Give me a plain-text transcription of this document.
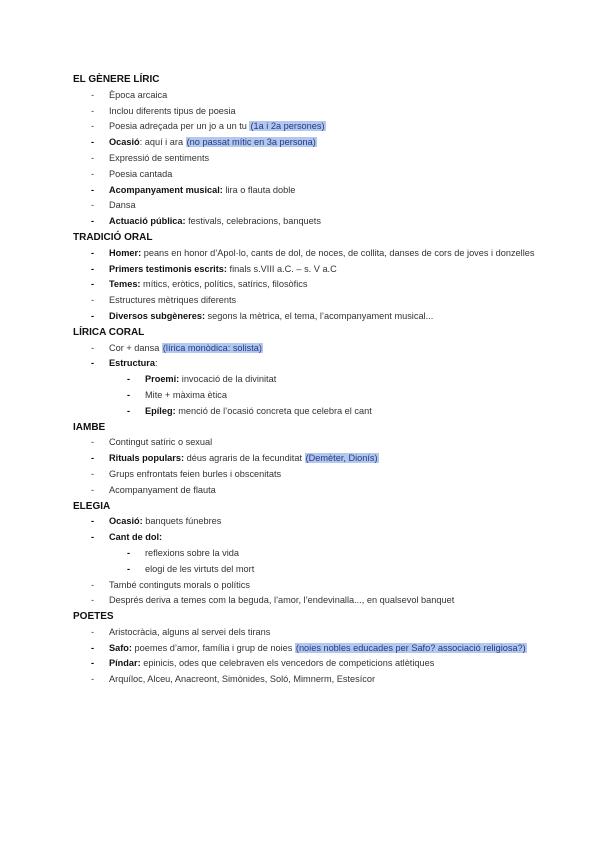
EL GÈNERE LÍRIC
- Època arcaica
- Inclou diferents tipus de poesia
- Poesia adreçada per un jo a un tu (1a i 2a persones)
- Ocasió: aquí i ara (no passat mític en 3a persona)
- Expressió de sentiments
- Poesia cantada
- Acompanyament musical: lira o flauta doble
- Dansa
- Actuació pública: festivals, celebracions, banquets
TRADICIÓ ORAL
- Homer: peans en honor d’Apol·lo, cants de dol, de noces, de collita, danses de cors de joves i donzelles
- Primers testimonis escrits: finals s.VIII a.C. – s. V a.C
- Temes: mítics, eròtics, polítics, satírics, filosòfics
- Estructures mètriques diferents
- Diversos subgèneres: segons la mètrica, el tema, l’acompanyament musical...
LÍRICA CORAL
- Cor + dansa (lírica monòdica: solista)
- Estructura:
- Proemi: invocació de la divinitat
- Mite + màxima ètica
- Epíleg: menció de l’ocasió concreta que celebra el cant
IAMBE
- Contingut satíric o sexual
- Rituals populars: déus agraris de la fecunditat (Demèter, Dionís)
- Grups enfrontats feien burles i obscenitats
- Acompanyament de flauta
ELEGIA
- Ocasió: banquets fúnebres
- Cant de dol:
- reflexions sobre la vida
- elogi de les virtuts del mort
- També continguts morals o polítics
- Després deriva a temes com la beguda, l’amor, l’endevinalla..., en qualsevol banquet
POETES
- Aristocràcia, alguns al servei dels tirans
- Safo: poemes d’amor, família i grup de noies (noies nobles educades per Safo? associació religiosa?)
- Píndar: epinicis, odes que celebraven els vencedors de competicions atlètiques
- Arquíloc, Alceu, Anacreont, Simònides, Soló, Mimnerm, Estesícor
